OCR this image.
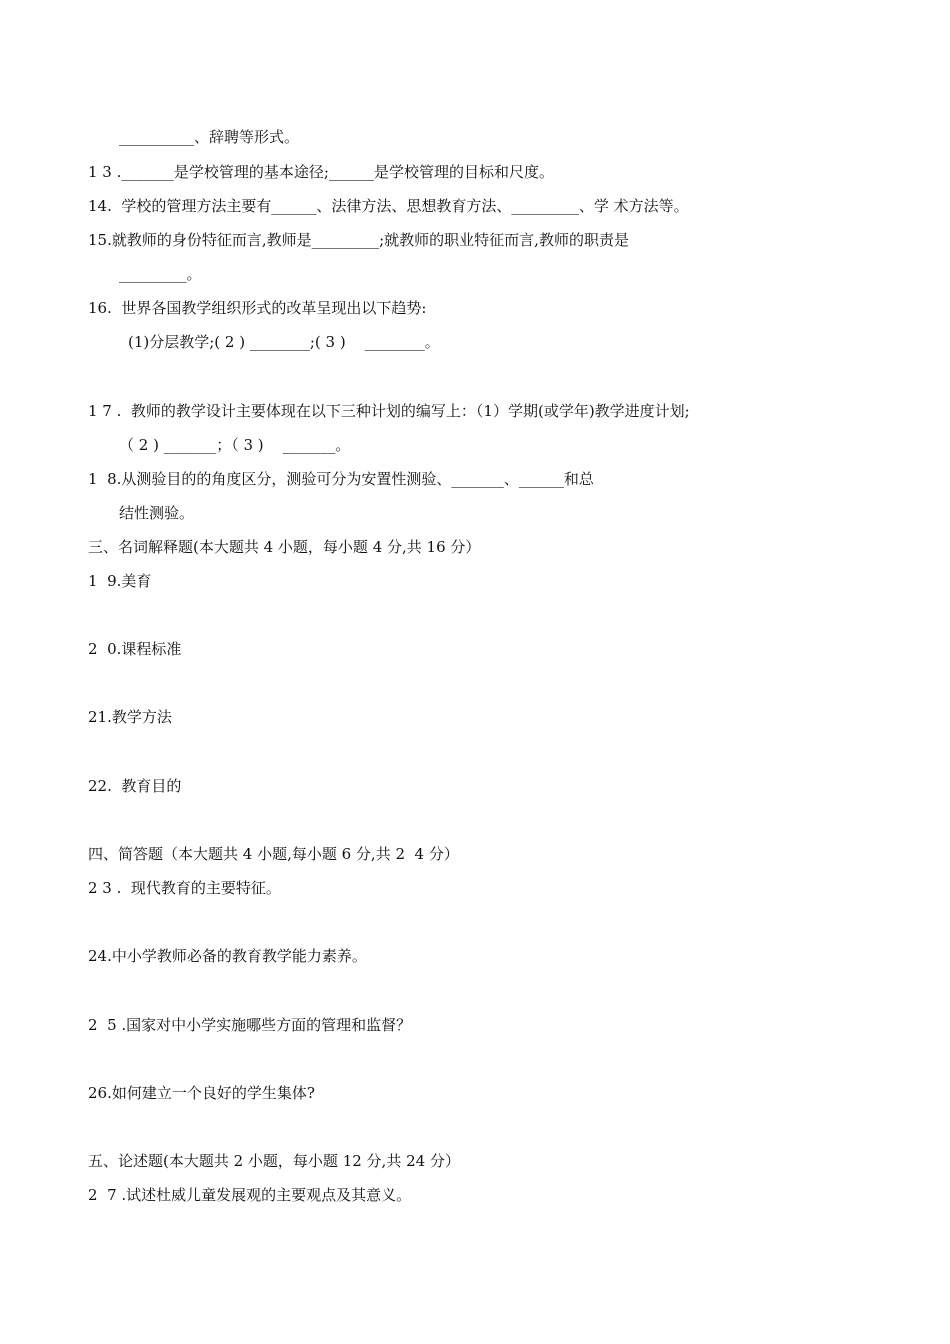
__________、辞聘等形式。
1 3 ._______是学校管理的基本途径;______是学校管理的目标和尺度。
14.  学校的管理方法主要有______、法律方法、思想教育方法、_________、学 术方法等。
15.就教师的身份特征而言,教师是_________;就教师的职业特征而言,教师的职责是
_________。
16.  世界各国教学组织形式的改革呈现出以下趋势:
(1)分层教学;( 2 ) ________;( 3 )    ________。
1 7 .  教师的教学设计主要体现在以下三种计划的编写上：（1）学期(或学年)教学进度计划;
（ 2 ) _______；（ 3 )    _______。
1  8.从测验目的的角度区分，测验可分为安置性测验、_______、______和总
结性测验。
三、名词解释题(本大题共 4 小题，每小题 4 分,共 16 分）
1  9.美育
2  0.课程标准
21.教学方法
22.  教育目的
四、简答题（本大题共 4 小题,每小题 6 分,共 2  4 分）
2 3 .  现代教育的主要特征。
24.中小学教师必备的教育教学能力素养。
2  5 .国家对中小学实施哪些方面的管理和监督？
26.如何建立一个良好的学生集体?
五、论述题(本大题共 2 小题，每小题 12 分,共 24 分）
2  7 .试述杜威儿童发展观的主要观点及其意义。
